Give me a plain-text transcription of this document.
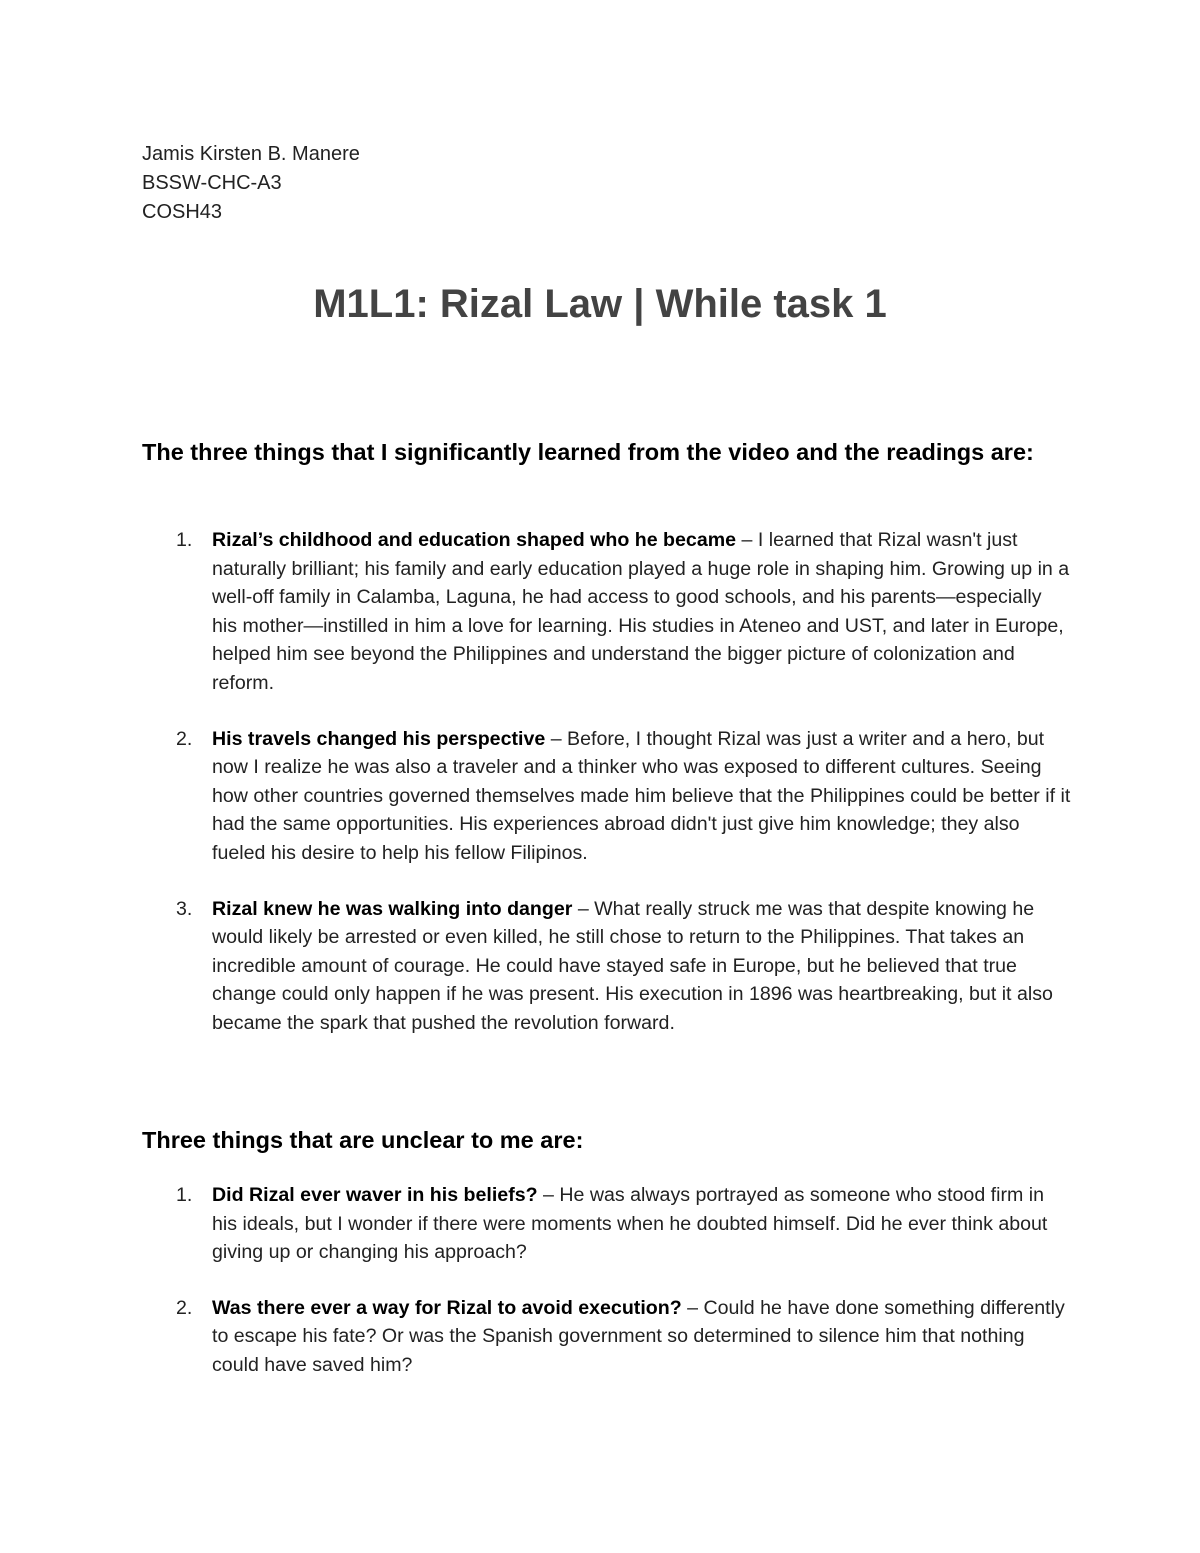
Jamis Kirsten B. Manere
BSSW-CHC-A3
COSH43
M1L1: Rizal Law | While task 1
The three things that I significantly learned from the video and the readings are:
1. Rizal’s childhood and education shaped who he became – I learned that Rizal wasn't just naturally brilliant; his family and early education played a huge role in shaping him. Growing up in a well-off family in Calamba, Laguna, he had access to good schools, and his parents—especially his mother—instilled in him a love for learning. His studies in Ateneo and UST, and later in Europe, helped him see beyond the Philippines and understand the bigger picture of colonization and reform.
2. His travels changed his perspective – Before, I thought Rizal was just a writer and a hero, but now I realize he was also a traveler and a thinker who was exposed to different cultures. Seeing how other countries governed themselves made him believe that the Philippines could be better if it had the same opportunities. His experiences abroad didn't just give him knowledge; they also fueled his desire to help his fellow Filipinos.
3. Rizal knew he was walking into danger – What really struck me was that despite knowing he would likely be arrested or even killed, he still chose to return to the Philippines. That takes an incredible amount of courage. He could have stayed safe in Europe, but he believed that true change could only happen if he was present. His execution in 1896 was heartbreaking, but it also became the spark that pushed the revolution forward.
Three things that are unclear to me are:
1. Did Rizal ever waver in his beliefs? – He was always portrayed as someone who stood firm in his ideals, but I wonder if there were moments when he doubted himself. Did he ever think about giving up or changing his approach?
2. Was there ever a way for Rizal to avoid execution? – Could he have done something differently to escape his fate? Or was the Spanish government so determined to silence him that nothing could have saved him?
